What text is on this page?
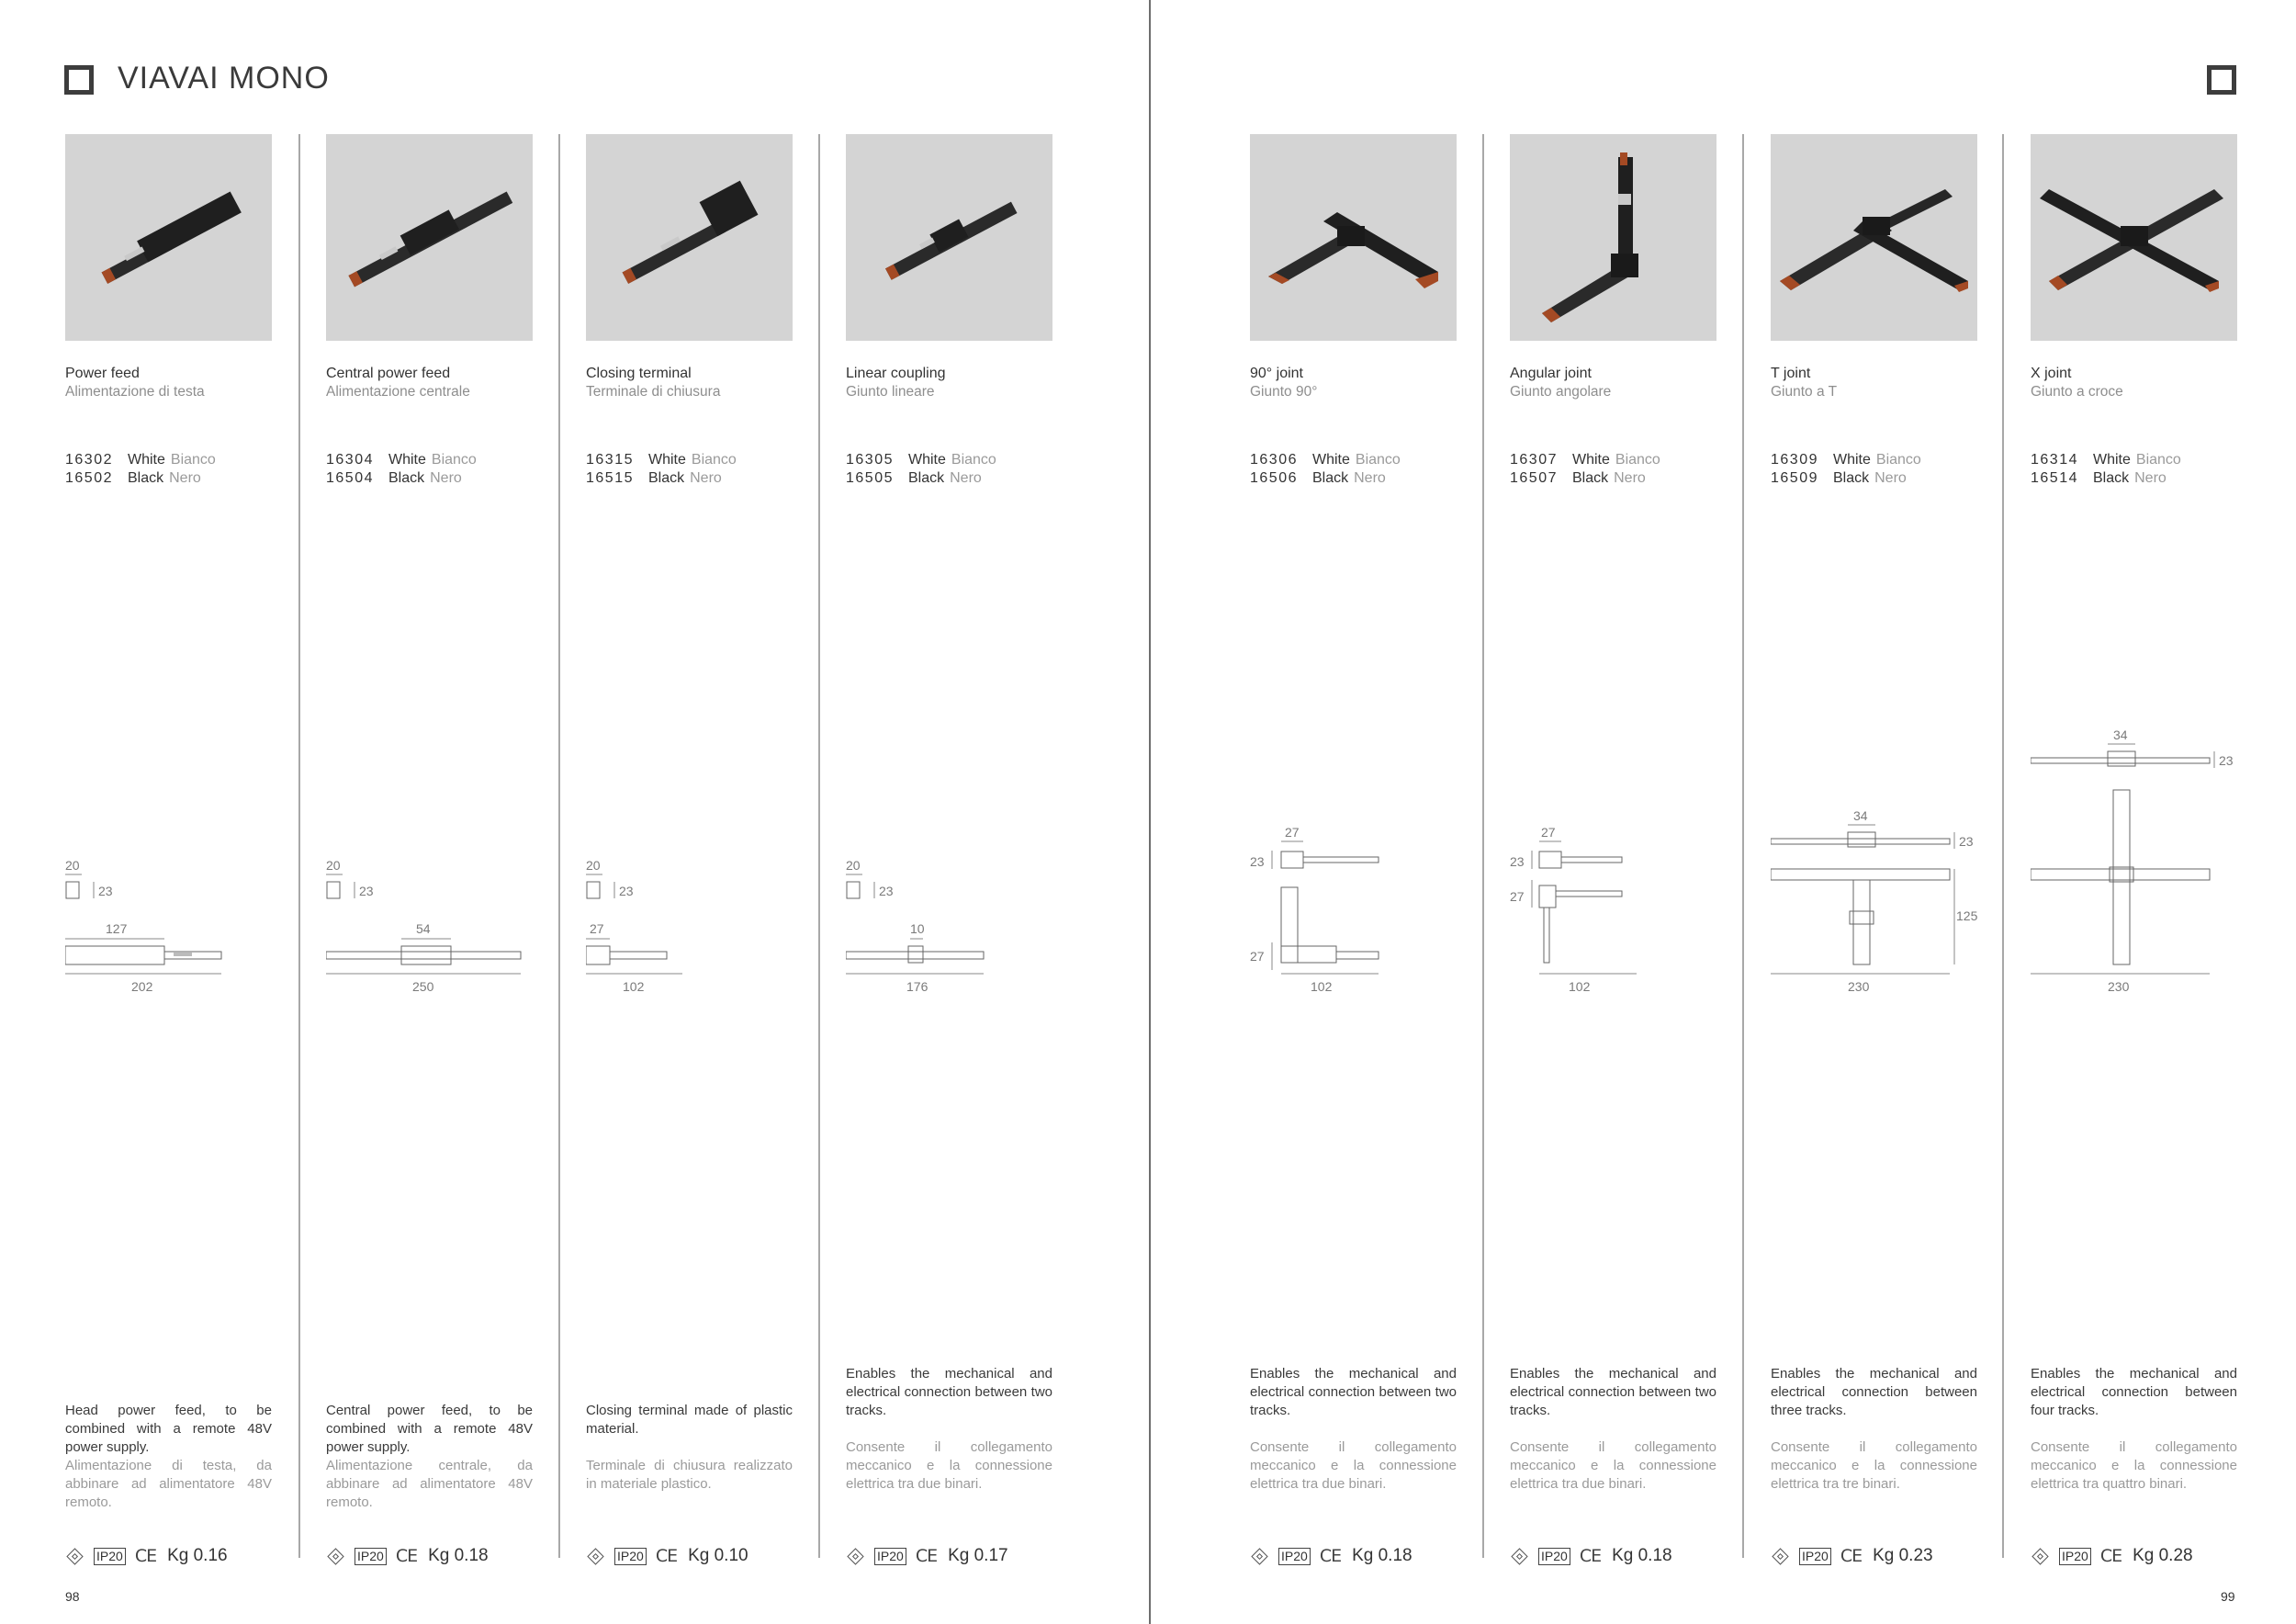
VIAVAI MONO
Power feed
Alimentazione di testa
16302 White Bianco
16502 Black Nero
20
23
127
202
Head power feed, to be combined with a remote 48V power supply.
Alimentazione di testa, da abbinare ad alimentatore 48V remoto.
IP20 CE Kg 0.16
Central power feed
Alimentazione centrale
16304 White Bianco
16504 Black Nero
20
23
54
250
Central power feed, to be combined with a remote 48V power supply.
Alimentazione centrale, da abbinare ad alimentatore 48V remoto.
IP20 CE Kg 0.18
Closing terminal
Terminale di chiusura
16315 White Bianco
16515 Black Nero
20
23
27
102
Closing terminal made of plastic material.
Terminale di chiusura realizzato in materiale plastico.
IP20 CE Kg 0.10
Linear coupling
Giunto lineare
16305 White Bianco
16505 Black Nero
20
23
10
176
Enables the mechanical and electrical connection between two tracks.
Consente il collegamento meccanico e la connessione elettrica tra due binari.
IP20 CE Kg 0.17
90° joint
Giunto 90°
16306 White Bianco
16506 Black Nero
27
23
27
102
Enables the mechanical and electrical connection between two tracks.
Consente il collegamento meccanico e la connessione elettrica tra due binari.
IP20 CE Kg 0.18
Angular joint
Giunto angolare
16307 White Bianco
16507 Black Nero
27
23
27
102
Enables the mechanical and electrical connection between two tracks.
Consente il collegamento meccanico e la connessione elettrica tra due binari.
IP20 CE Kg 0.18
T joint
Giunto a T
16309 White Bianco
16509 Black Nero
34
23
125
230
Enables the mechanical and electrical connection between three tracks.
Consente il collegamento meccanico e la connessione elettrica tra tre binari.
IP20 CE Kg 0.23
X joint
Giunto a croce
16314 White Bianco
16514 Black Nero
34
23
230
Enables the mechanical and electrical connection between four tracks.
Consente il collegamento meccanico e la connessione elettrica tra quattro binari.
IP20 CE Kg 0.28
98	99
